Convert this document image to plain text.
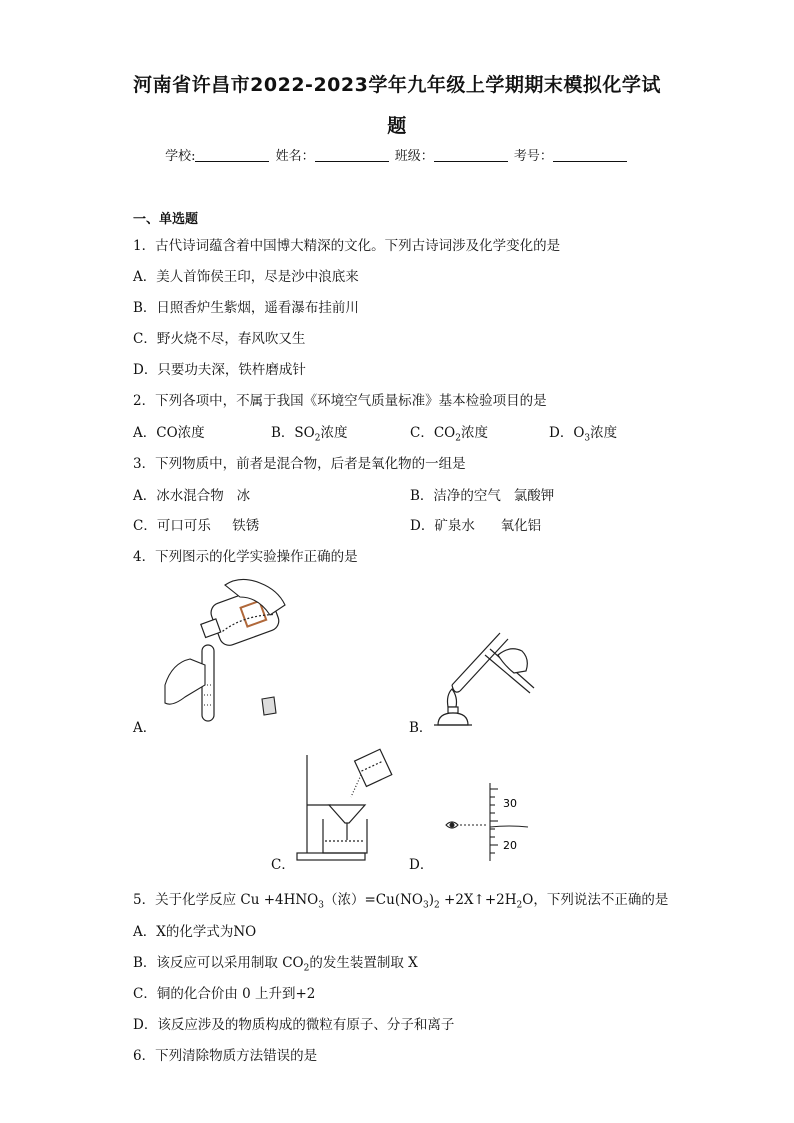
河南省许昌市2022-2023学年九年级上学期期末模拟化学试
题
学校:	姓名：	班级：	考号：
一、单选题
1．古代诗词蕴含着中国博大精深的文化。下列古诗词涉及化学变化的是
A．美人首饰侯王印，尽是沙中浪底来
B．日照香炉生紫烟，遥看瀑布挂前川
C．野火烧不尽，春风吹又生
D．只要功夫深，铁杵磨成针
2．下列各项中，不属于我国《环境空气质量标准》基本检验项目的是
A．CO浓度	B．$SO_2$浓度	C．$CO_2$浓度	D．$O_3$浓度
3．下列物质中，前者是混合物，后者是氧化物的一组是
A．冰水混合物   冰	B．洁净的空气   氯酸钾
C．可口可乐     铁锈	D．矿泉水      氧化铝
4．下列图示的化学实验操作正确的是
A．	B．
C．
30
20
D．
5．关于化学反应 $Cu +4HNO_3$（浓）$=Cu(NO_3)_2$ $+2X↑+2H_2O$，下列说法不正确的是
A．X的化学式为NO
B．该反应可以采用制取 $CO_2$的发生装置制取 X
C．铜的化合价由 0 上升到+2
D．该反应涉及的物质构成的微粒有原子、分子和离子
6．下列清除物质方法错误的是
